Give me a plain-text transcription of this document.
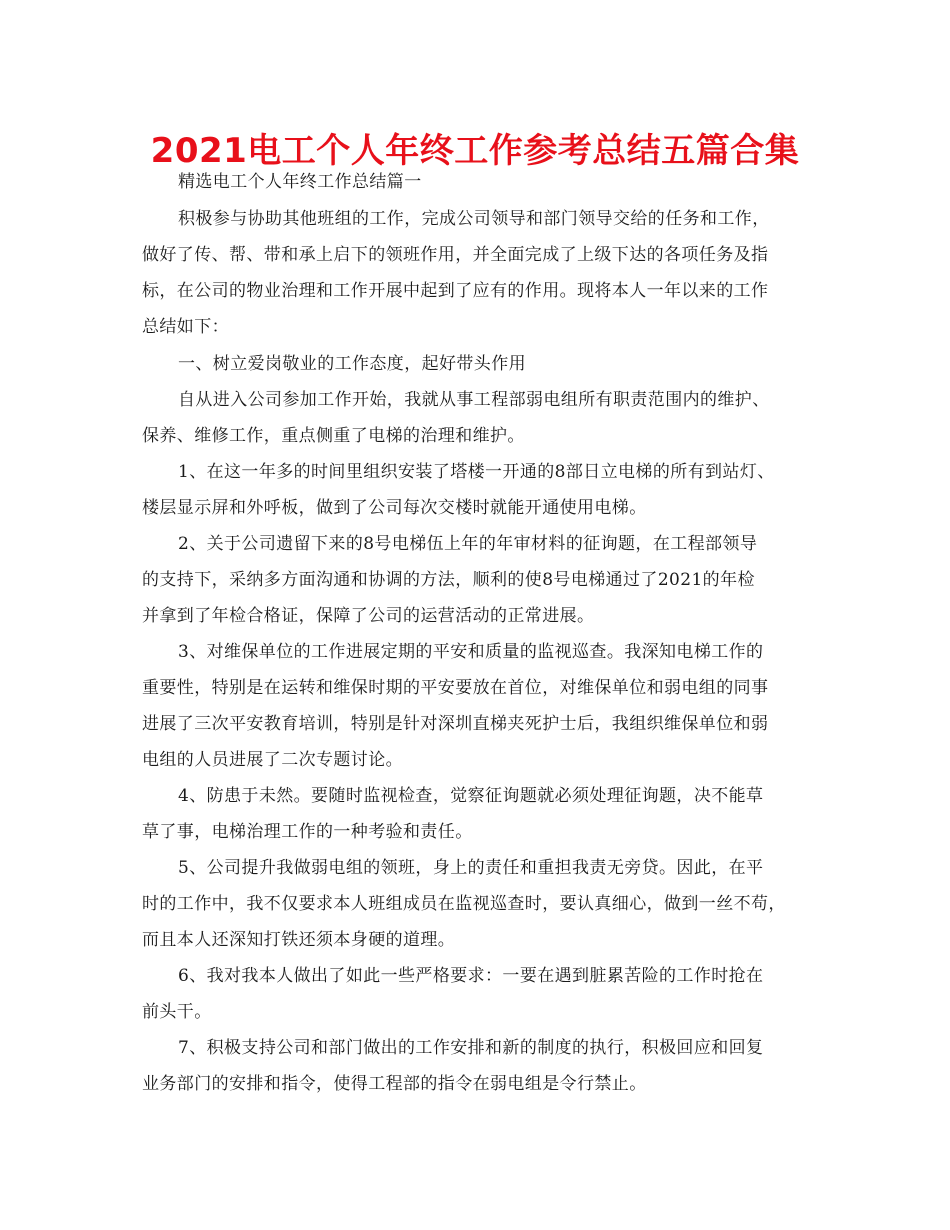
2021电工个人年终工作参考总结五篇合集
精选电工个人年终工作总结篇一
积极参与协助其他班组的工作，完成公司领导和部门领导交给的任务和工作，
做好了传、帮、带和承上启下的领班作用，并全面完成了上级下达的各项任务及指
标，在公司的物业治理和工作开展中起到了应有的作用。现将本人一年以来的工作
总结如下：
一、树立爱岗敬业的工作态度，起好带头作用
自从进入公司参加工作开始，我就从事工程部弱电组所有职责范围内的维护、
保养、维修工作，重点侧重了电梯的治理和维护。
1、在这一年多的时间里组织安装了塔楼一开通的8部日立电梯的所有到站灯、
楼层显示屏和外呼板，做到了公司每次交楼时就能开通使用电梯。
2、关于公司遗留下来的8号电梯伍上年的年审材料的征询题，在工程部领导
的支持下，采纳多方面沟通和协调的方法，顺利的使8号电梯通过了2021的年检
并拿到了年检合格证，保障了公司的运营活动的正常进展。
3、对维保单位的工作进展定期的平安和质量的监视巡查。我深知电梯工作的
重要性，特别是在运转和维保时期的平安要放在首位，对维保单位和弱电组的同事
进展了三次平安教育培训，特别是针对深圳直梯夹死护士后，我组织维保单位和弱
电组的人员进展了二次专题讨论。
4、防患于未然。要随时监视检查，觉察征询题就必须处理征询题，决不能草
草了事，电梯治理工作的一种考验和责任。
5、公司提升我做弱电组的领班，身上的责任和重担我责无旁贷。因此，在平
时的工作中，我不仅要求本人班组成员在监视巡查时，要认真细心，做到一丝不苟，
而且本人还深知打铁还须本身硬的道理。
6、我对我本人做出了如此一些严格要求：一要在遇到脏累苦险的工作时抢在
前头干。
7、积极支持公司和部门做出的工作安排和新的制度的执行，积极回应和回复
业务部门的安排和指令，使得工程部的指令在弱电组是令行禁止。
